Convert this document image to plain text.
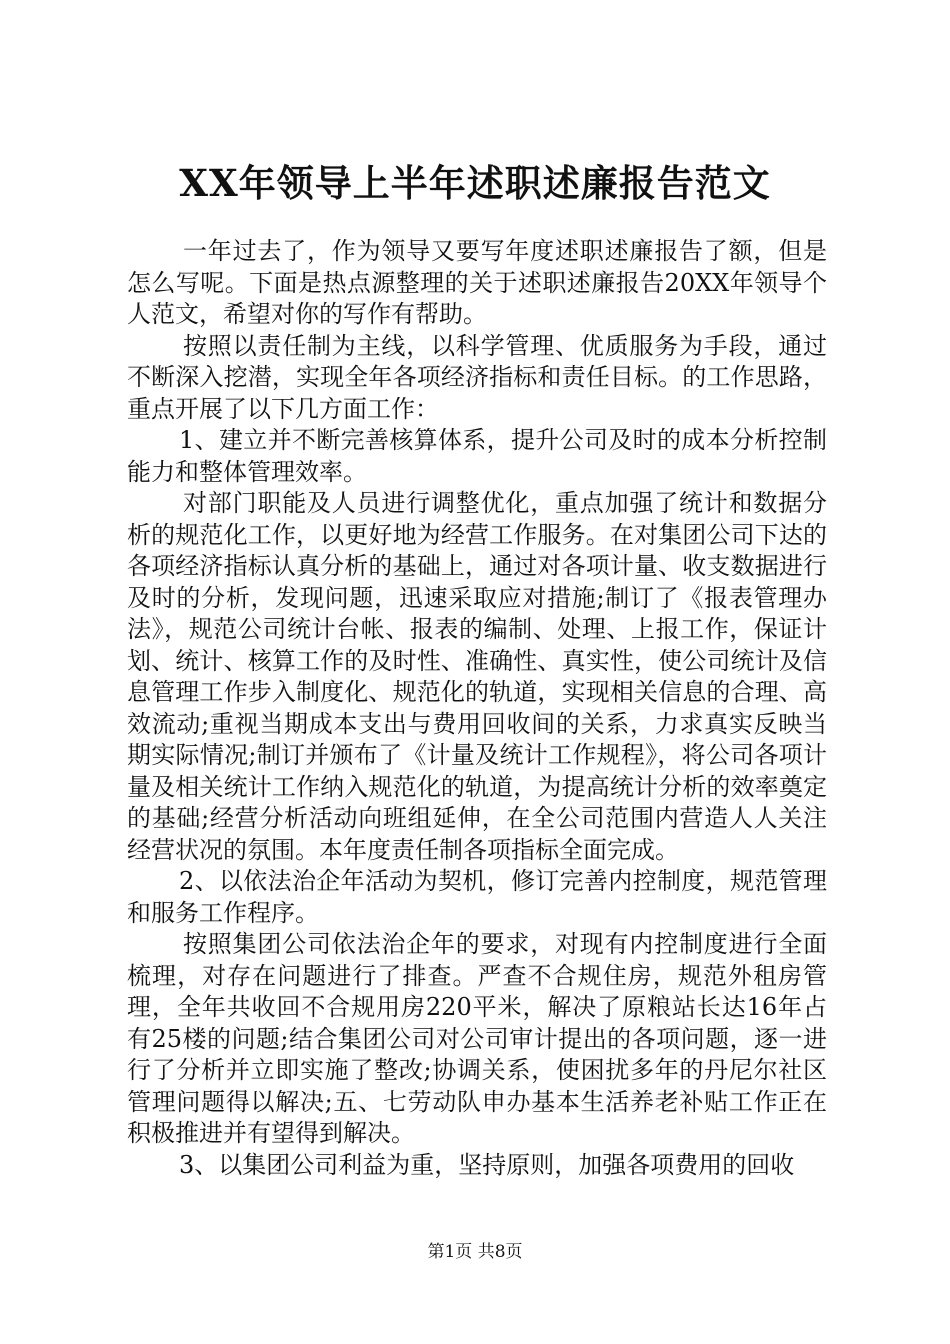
XX年领导上半年述职述廉报告范文

一年过去了，作为领导又要写年度述职述廉报告了额，但是怎么写呢。下面是热点源整理的关于述职述廉报告20XX年领导个人范文，希望对你的写作有帮助。

按照以责任制为主线，以科学管理、优质服务为手段，通过不断深入挖潜，实现全年各项经济指标和责任目标。的工作思路，重点开展了以下几方面工作：

1、建立并不断完善核算体系，提升公司及时的成本分析控制能力和整体管理效率。

对部门职能及人员进行调整优化，重点加强了统计和数据分析的规范化工作，以更好地为经营工作服务。在对集团公司下达的各项经济指标认真分析的基础上，通过对各项计量、收支数据进行及时的分析，发现问题，迅速采取应对措施;制订了《报表管理办法》，规范公司统计台帐、报表的编制、处理、上报工作，保证计划、统计、核算工作的及时性、准确性、真实性，使公司统计及信息管理工作步入制度化、规范化的轨道，实现相关信息的合理、高效流动;重视当期成本支出与费用回收间的关系，力求真实反映当期实际情况;制订并颁布了《计量及统计工作规程》，将公司各项计量及相关统计工作纳入规范化的轨道，为提高统计分析的效率奠定的基础;经营分析活动向班组延伸，在全公司范围内营造人人关注经营状况的氛围。本年度责任制各项指标全面完成。

2、以依法治企年活动为契机，修订完善内控制度，规范管理和服务工作程序。

按照集团公司依法治企年的要求，对现有内控制度进行全面梳理，对存在问题进行了排查。严查不合规住房，规范外租房管理，全年共收回不合规用房220平米，解决了原粮站长达16年占有25楼的问题;结合集团公司对公司审计提出的各项问题，逐一进行了分析并立即实施了整改;协调关系，使困扰多年的丹尼尔社区管理问题得以解决;五、七劳动队申办基本生活养老补贴工作正在积极推进并有望得到解决。

3、以集团公司利益为重，坚持原则，加强各项费用的回收

第1页 共8页
